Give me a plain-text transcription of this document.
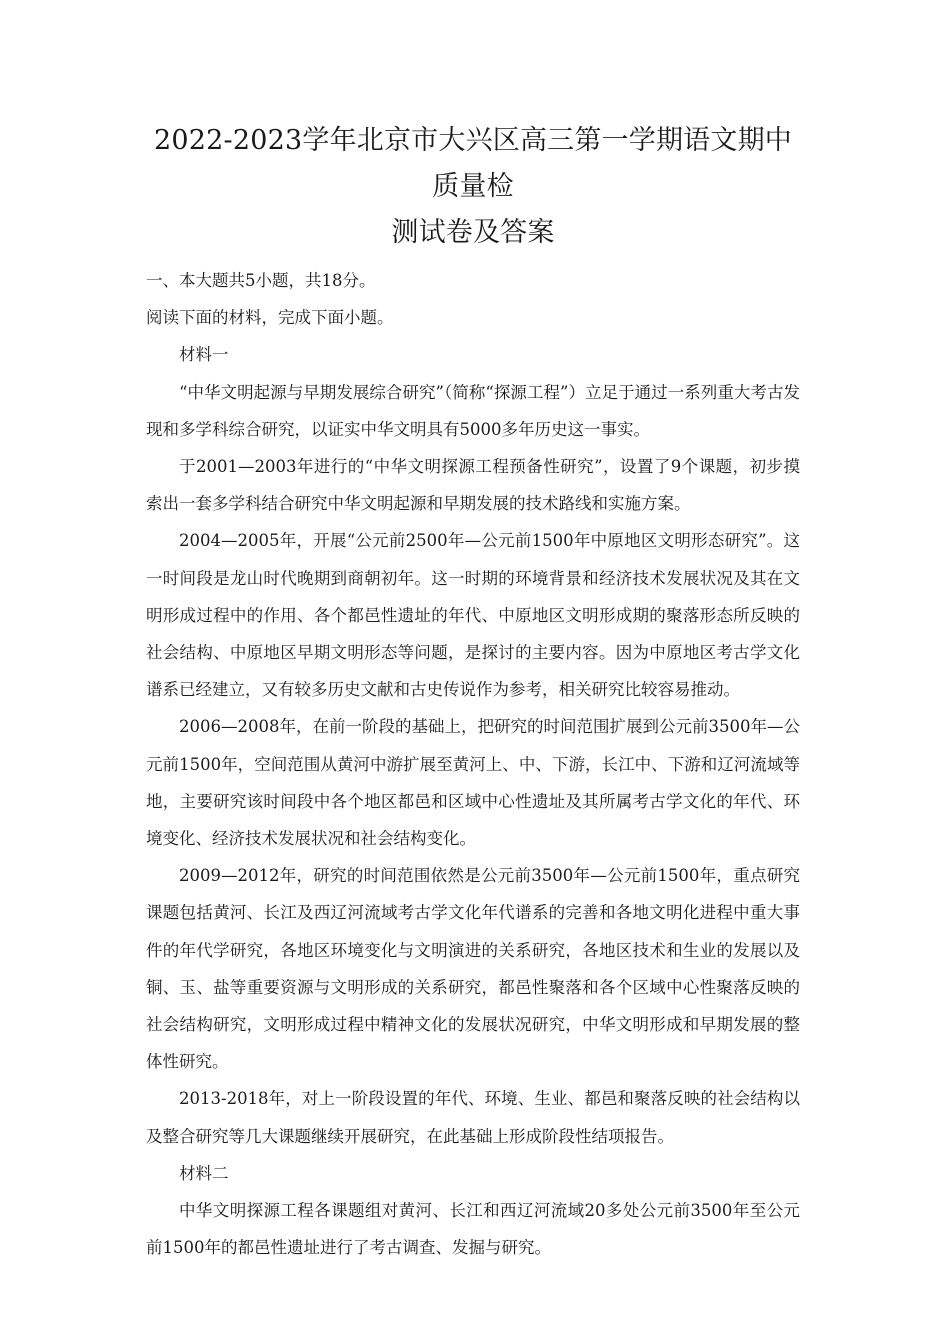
2022-2023学年北京市大兴区高三第一学期语文期中质量检
测试卷及答案

一、本大题共5小题，共18分。

阅读下面的材料，完成下面小题。

材料一

“中华文明起源与早期发展综合研究”（简称“探源工程”）立足于通过一系列重大考古发现和多学科综合研究，以证实中华文明具有5000多年历史这一事实。

于2001—2003年进行的“中华文明探源工程预备性研究”，设置了9个课题，初步摸索出一套多学科结合研究中华文明起源和早期发展的技术路线和实施方案。

2004—2005年，开展“公元前2500年—公元前1500年中原地区文明形态研究”。这一时间段是龙山时代晚期到商朝初年。这一时期的环境背景和经济技术发展状况及其在文明形成过程中的作用、各个都邑性遗址的年代、中原地区文明形成期的聚落形态所反映的社会结构、中原地区早期文明形态等问题，是探讨的主要内容。因为中原地区考古学文化谱系已经建立，又有较多历史文献和古史传说作为参考，相关研究比较容易推动。

2006—2008年，在前一阶段的基础上，把研究的时间范围扩展到公元前3500年—公元前1500年，空间范围从黄河中游扩展至黄河上、中、下游，长江中、下游和辽河流域等地，主要研究该时间段中各个地区都邑和区域中心性遗址及其所属考古学文化的年代、环境变化、经济技术发展状况和社会结构变化。

2009—2012年，研究的时间范围依然是公元前3500年—公元前1500年，重点研究课题包括黄河、长江及西辽河流域考古学文化年代谱系的完善和各地文明化进程中重大事件的年代学研究，各地区环境变化与文明演进的关系研究，各地区技术和生业的发展以及铜、玉、盐等重要资源与文明形成的关系研究，都邑性聚落和各个区域中心性聚落反映的社会结构研究，文明形成过程中精神文化的发展状况研究，中华文明形成和早期发展的整体性研究。

2013-2018年，对上一阶段设置的年代、环境、生业、都邑和聚落反映的社会结构以及整合研究等几大课题继续开展研究，在此基础上形成阶段性结项报告。

材料二

中华文明探源工程各课题组对黄河、长江和西辽河流域20多处公元前3500年至公元前1500年的都邑性遗址进行了考古调查、发掘与研究。
